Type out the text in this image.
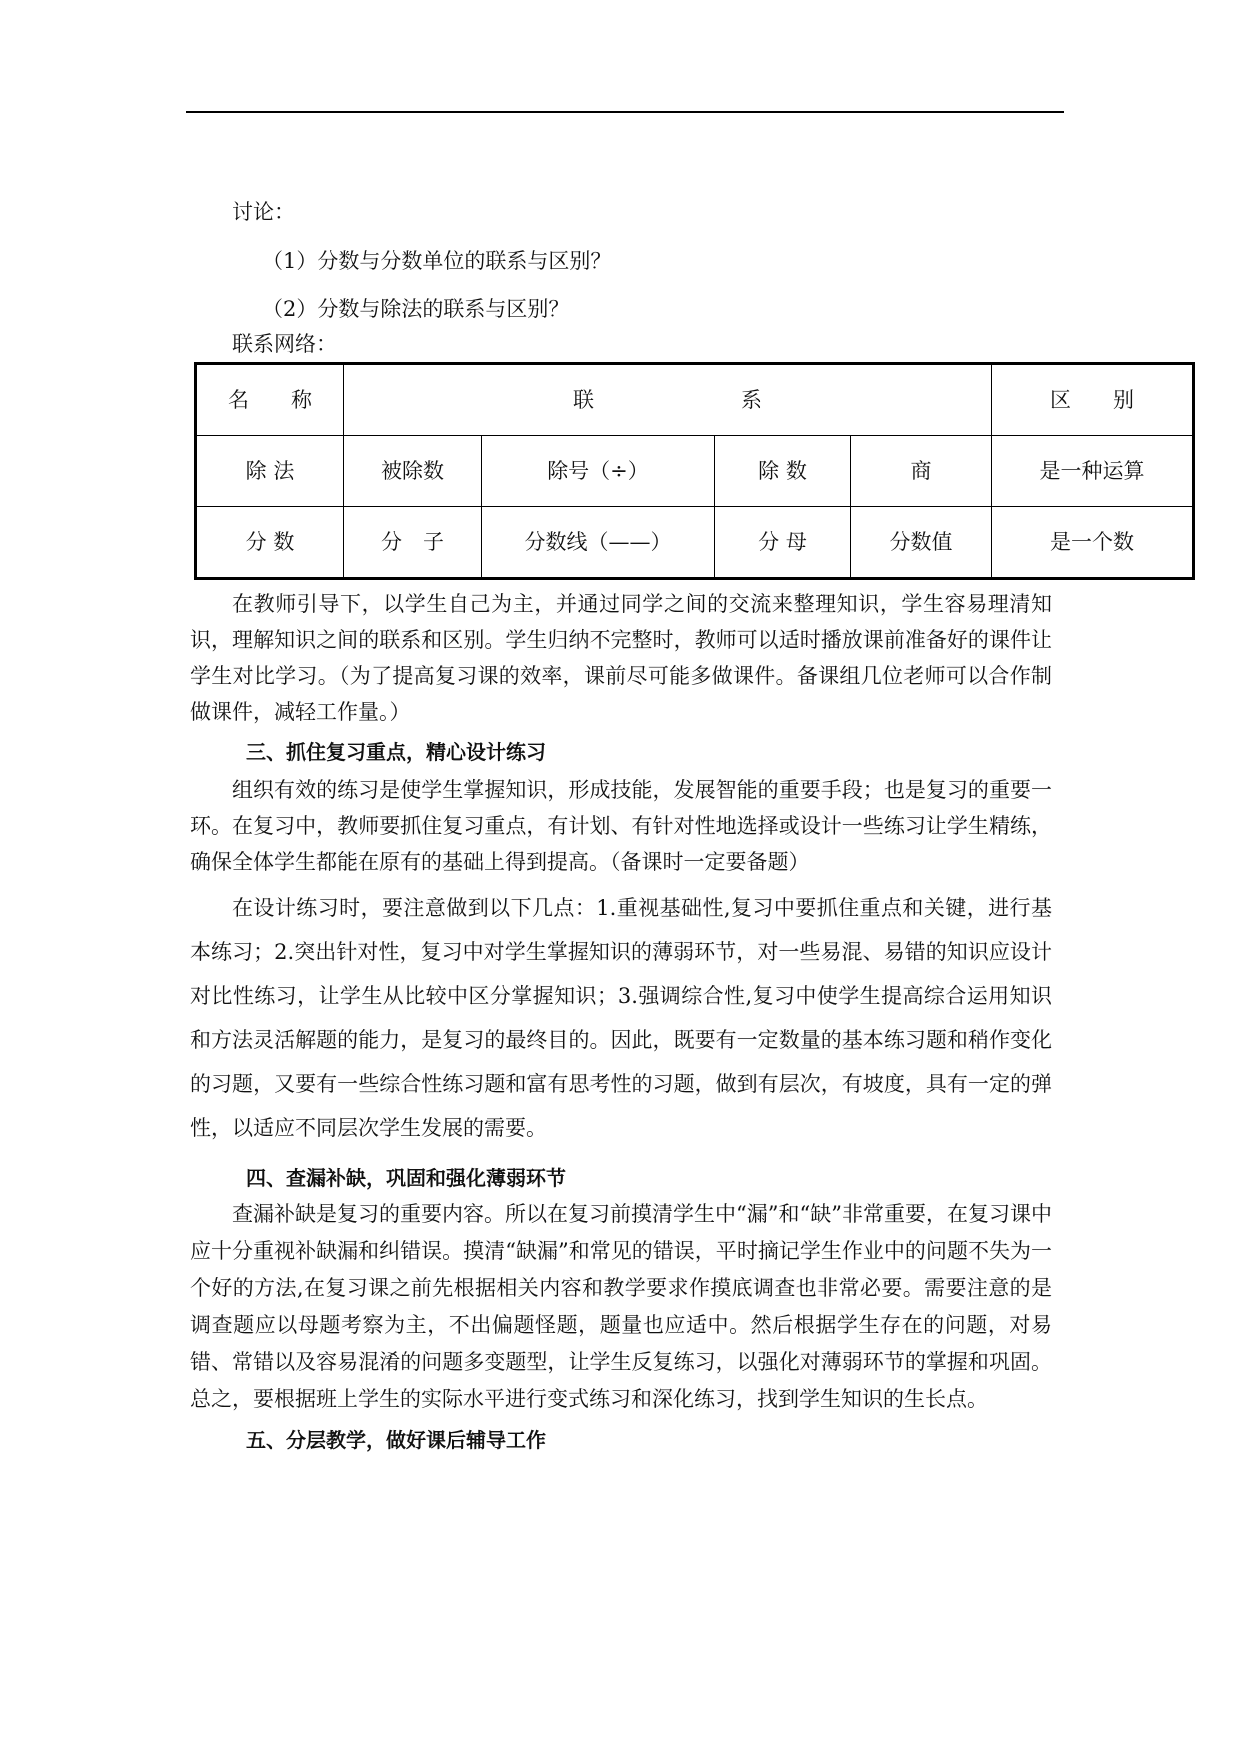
讨论：

（1）分数与分数单位的联系与区别？

（2）分数与除法的联系与区别？

联系网络：

名　　称	联　　　　　　　系				区　　别
除 法	被除数	除号（÷）	除 数	商	是一种运算
分 数	分　子	分数线（——）	分 母	分数值	是一个数

在教师引导下，以学生自己为主，并通过同学之间的交流来整理知识，学生容易理清知识，理解知识之间的联系和区别。学生归纳不完整时，教师可以适时播放课前准备好的课件让学生对比学习。（为了提高复习课的效率，课前尽可能多做课件。备课组几位老师可以合作制做课件，减轻工作量。）

三、抓住复习重点，精心设计练习

组织有效的练习是使学生掌握知识，形成技能，发展智能的重要手段；也是复习的重要一环。在复习中，教师要抓住复习重点，有计划、有针对性地选择或设计一些练习让学生精练，确保全体学生都能在原有的基础上得到提高。（备课时一定要备题）

在设计练习时，要注意做到以下几点：1.重视基础性,复习中要抓住重点和关键，进行基本练习；2.突出针对性，复习中对学生掌握知识的薄弱环节，对一些易混、易错的知识应设计对比性练习，让学生从比较中区分掌握知识；3.强调综合性,复习中使学生提高综合运用知识和方法灵活解题的能力，是复习的最终目的。因此，既要有一定数量的基本练习题和稍作变化的习题，又要有一些综合性练习题和富有思考性的习题，做到有层次，有坡度，具有一定的弹性，以适应不同层次学生发展的需要。

四、查漏补缺，巩固和强化薄弱环节

查漏补缺是复习的重要内容。所以在复习前摸清学生中“漏”和“缺”非常重要，在复习课中应十分重视补缺漏和纠错误。摸清“缺漏”和常见的错误，平时摘记学生作业中的问题不失为一个好的方法,在复习课之前先根据相关内容和教学要求作摸底调查也非常必要。需要注意的是调查题应以母题考察为主，不出偏题怪题，题量也应适中。然后根据学生存在的问题，对易错、常错以及容易混淆的问题多变题型，让学生反复练习，以强化对薄弱环节的掌握和巩固。总之，要根据班上学生的实际水平进行变式练习和深化练习，找到学生知识的生长点。

五、分层教学，做好课后辅导工作
